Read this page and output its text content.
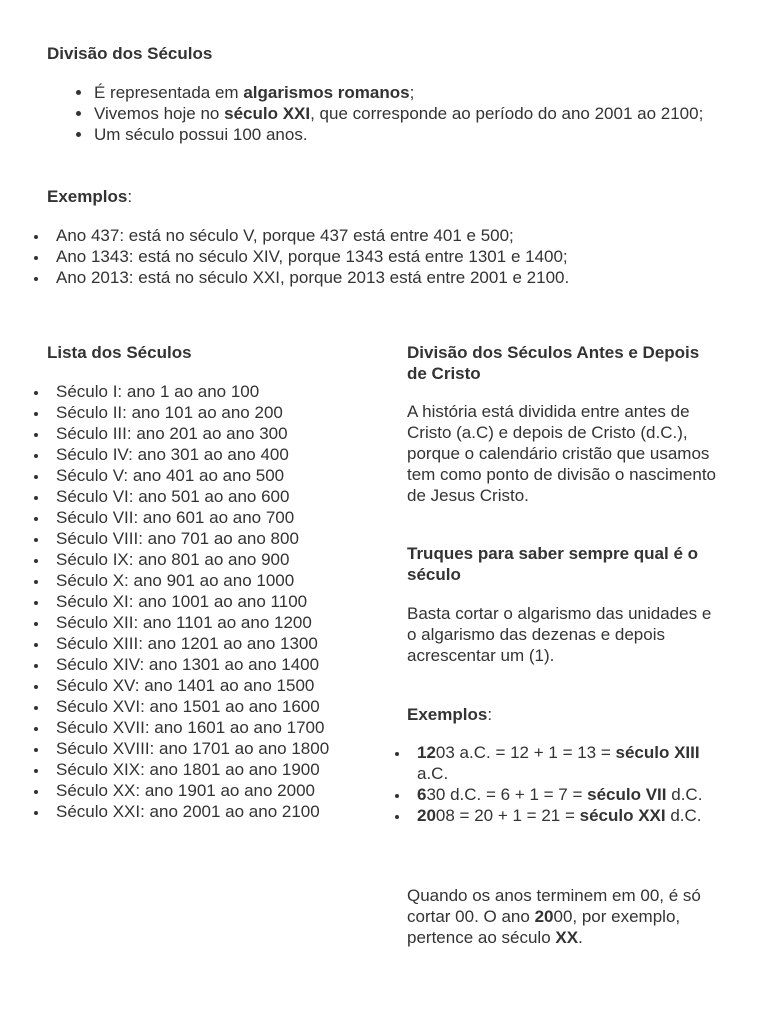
Divisão dos Séculos
É representada em algarismos romanos;
Vivemos hoje no século XXI, que corresponde ao período do ano 2001 ao 2100;
Um século possui 100 anos.

Exemplos:

Ano 437: está no século V, porque 437 está entre 401 e 500;
Ano 1343: está no século XIV, porque 1343 está entre 1301 e 1400;
Ano 2013: está no século XXI, porque 2013 está entre 2001 e 2100.
Lista dos Séculos
Século I: ano 1 ao ano 100
Século II: ano 101 ao ano 200
Século III: ano 201 ao ano 300
Século IV: ano 301 ao ano 400
Século V: ano 401 ao ano 500
Século VI: ano 501 ao ano 600
Século VII: ano 601 ao ano 700
Século VIII: ano 701 ao ano 800
Século IX: ano 801 ao ano 900
Século X: ano 901 ao ano 1000
Século XI: ano 1001 ao ano 1100
Século XII: ano 1101 ao ano 1200
Século XIII: ano 1201 ao ano 1300
Século XIV: ano 1301 ao ano 1400
Século XV: ano 1401 ao ano 1500
Século XVI: ano 1501 ao ano 1600
Século XVII: ano 1601 ao ano 1700
Século XVIII: ano 1701 ao ano 1800
Século XIX: ano 1801 ao ano 1900
Século XX: ano 1901 ao ano 2000
Século XXI: ano 2001 ao ano 2100
Divisão dos Séculos Antes e Depois de Cristo

A história está dividida entre antes de Cristo (a.C) e depois de Cristo (d.C.), porque o calendário cristão que usamos tem como ponto de divisão o nascimento de Jesus Cristo.

Truques para saber sempre qual é o século

Basta cortar o algarismo das unidades e o algarismo das dezenas e depois acrescentar um (1).

Exemplos:

1203 a.C. = 12 + 1 = 13 = século XIII a.C.
630 d.C. = 6 + 1 = 7 = século VII d.C.
2008 = 20 + 1 = 21 = século XXI d.C.

Quando os anos terminem em 00, é só cortar 00. O ano 2000, por exemplo, pertence ao século XX.
